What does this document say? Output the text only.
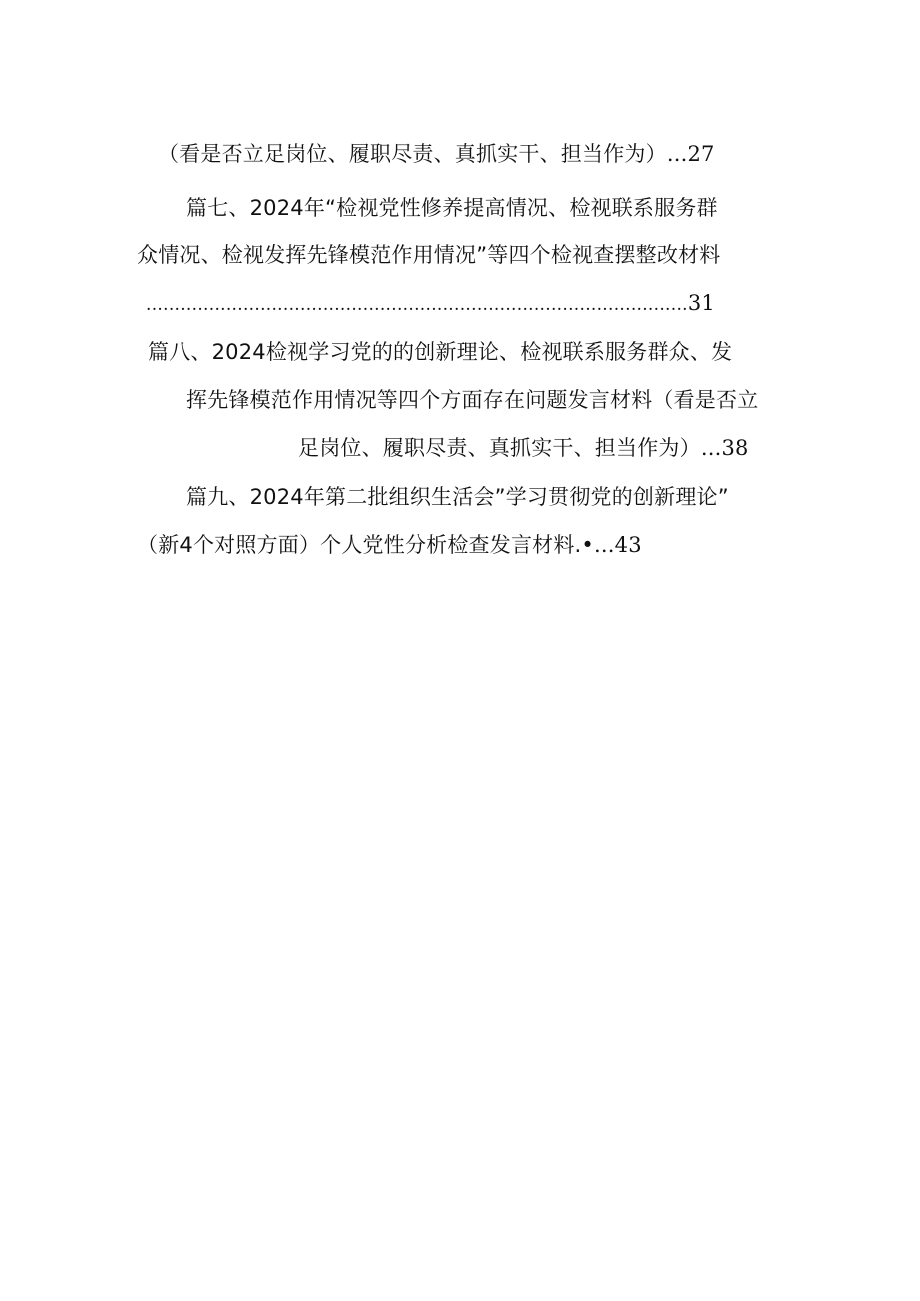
（看是否立足岗位、履职尽责、真抓实干、担当作为）...27
篇七、2024年“检视党性修养提高情况、检视联系服务群
众情况、检视发挥先锋模范作用情况”等四个检视查摆整改材料
...............................................................................................31
篇八、2024检视学习党的的创新理论、检视联系服务群众、发
挥先锋模范作用情况等四个方面存在问题发言材料（看是否立
足岗位、履职尽责、真抓实干、担当作为）...38
篇九、2024年第二批组织生活会”学习贯彻党的创新理论”
（新4个对照方面）个人党性分析检查发言材料.•...43
